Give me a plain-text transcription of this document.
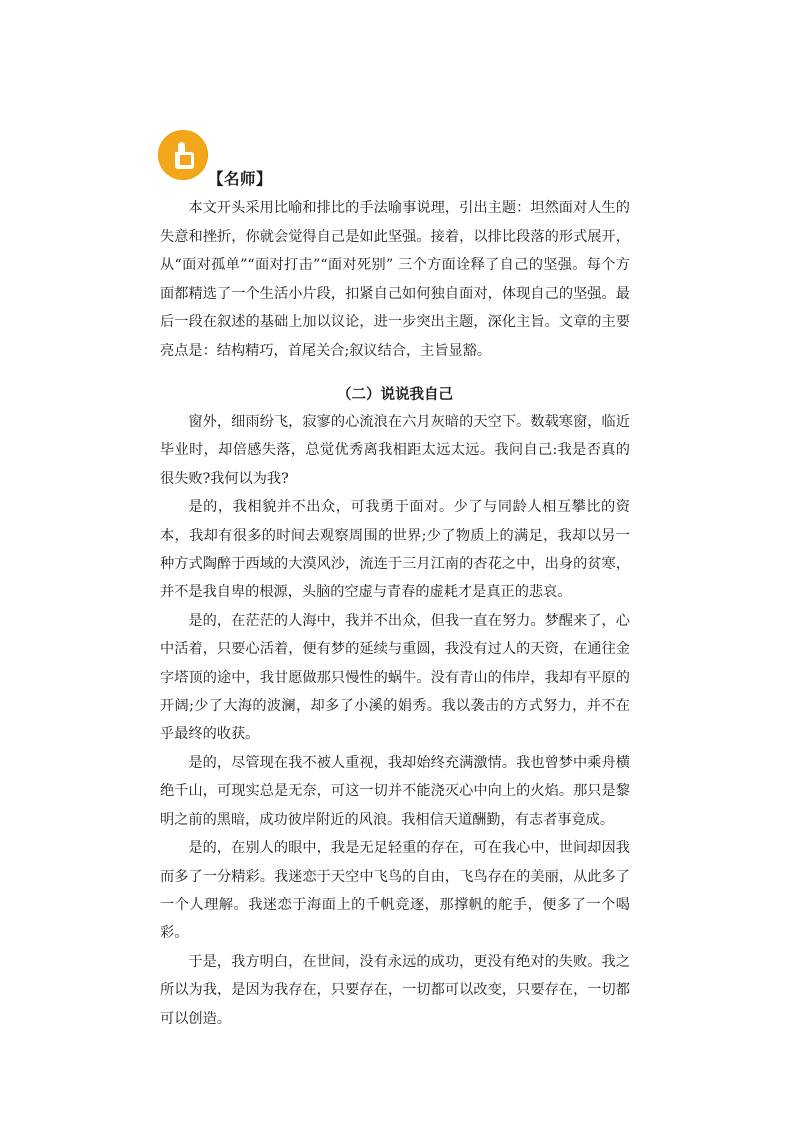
【名师】

本文开头采用比喻和排比的手法喻事说理，引出主题：坦然面对人生的失意和挫折，你就会觉得自己是如此坚强。接着，以排比段落的形式展开，从“面对孤单”“面对打击”“面对死别” 三个方面诠释了自己的坚强。每个方面都精选了一个生活小片段，扣紧自己如何独自面对，体现自己的坚强。最后一段在叙述的基础上加以议论，进一步突出主题，深化主旨。文章的主要亮点是：结构精巧，首尾关合;叙议结合，主旨显豁。

（二）说说我自己

窗外，细雨纷飞，寂寥的心流浪在六月灰暗的天空下。数载寒窗，临近毕业时，却倍感失落，总觉优秀离我相距太远太远。我问自己:我是否真的很失败?我何以为我?

是的，我相貌并不出众，可我勇于面对。少了与同龄人相互攀比的资本，我却有很多的时间去观察周围的世界;少了物质上的满足，我却以另一种方式陶醉于西域的大漠风沙，流连于三月江南的杏花之中，出身的贫寒，并不是我自卑的根源，头脑的空虚与青春的虚耗才是真正的悲哀。

是的，在茫茫的人海中，我并不出众，但我一直在努力。梦醒来了，心中活着，只要心活着，便有梦的延续与重圆，我没有过人的天资，在通往金字塔顶的途中，我甘愿做那只慢性的蜗牛。没有青山的伟岸，我却有平原的开阔;少了大海的波澜，却多了小溪的娟秀。我以袭击的方式努力，并不在乎最终的收获。

是的，尽管现在我不被人重视，我却始终充满激情。我也曾梦中乘舟横绝千山，可现实总是无奈，可这一切并不能浇灭心中向上的火焰。那只是黎明之前的黑暗，成功彼岸附近的风浪。我相信天道酬勤，有志者事竟成。

是的，在别人的眼中，我是无足轻重的存在，可在我心中，世间却因我而多了一分精彩。我迷恋于天空中飞鸟的自由，飞鸟存在的美丽，从此多了一个人理解。我迷恋于海面上的千帆竞逐，那撑帆的舵手，便多了一个喝彩。

于是，我方明白，在世间，没有永远的成功，更没有绝对的失败。我之所以为我，是因为我存在，只要存在，一切都可以改变，只要存在，一切都可以创造。
